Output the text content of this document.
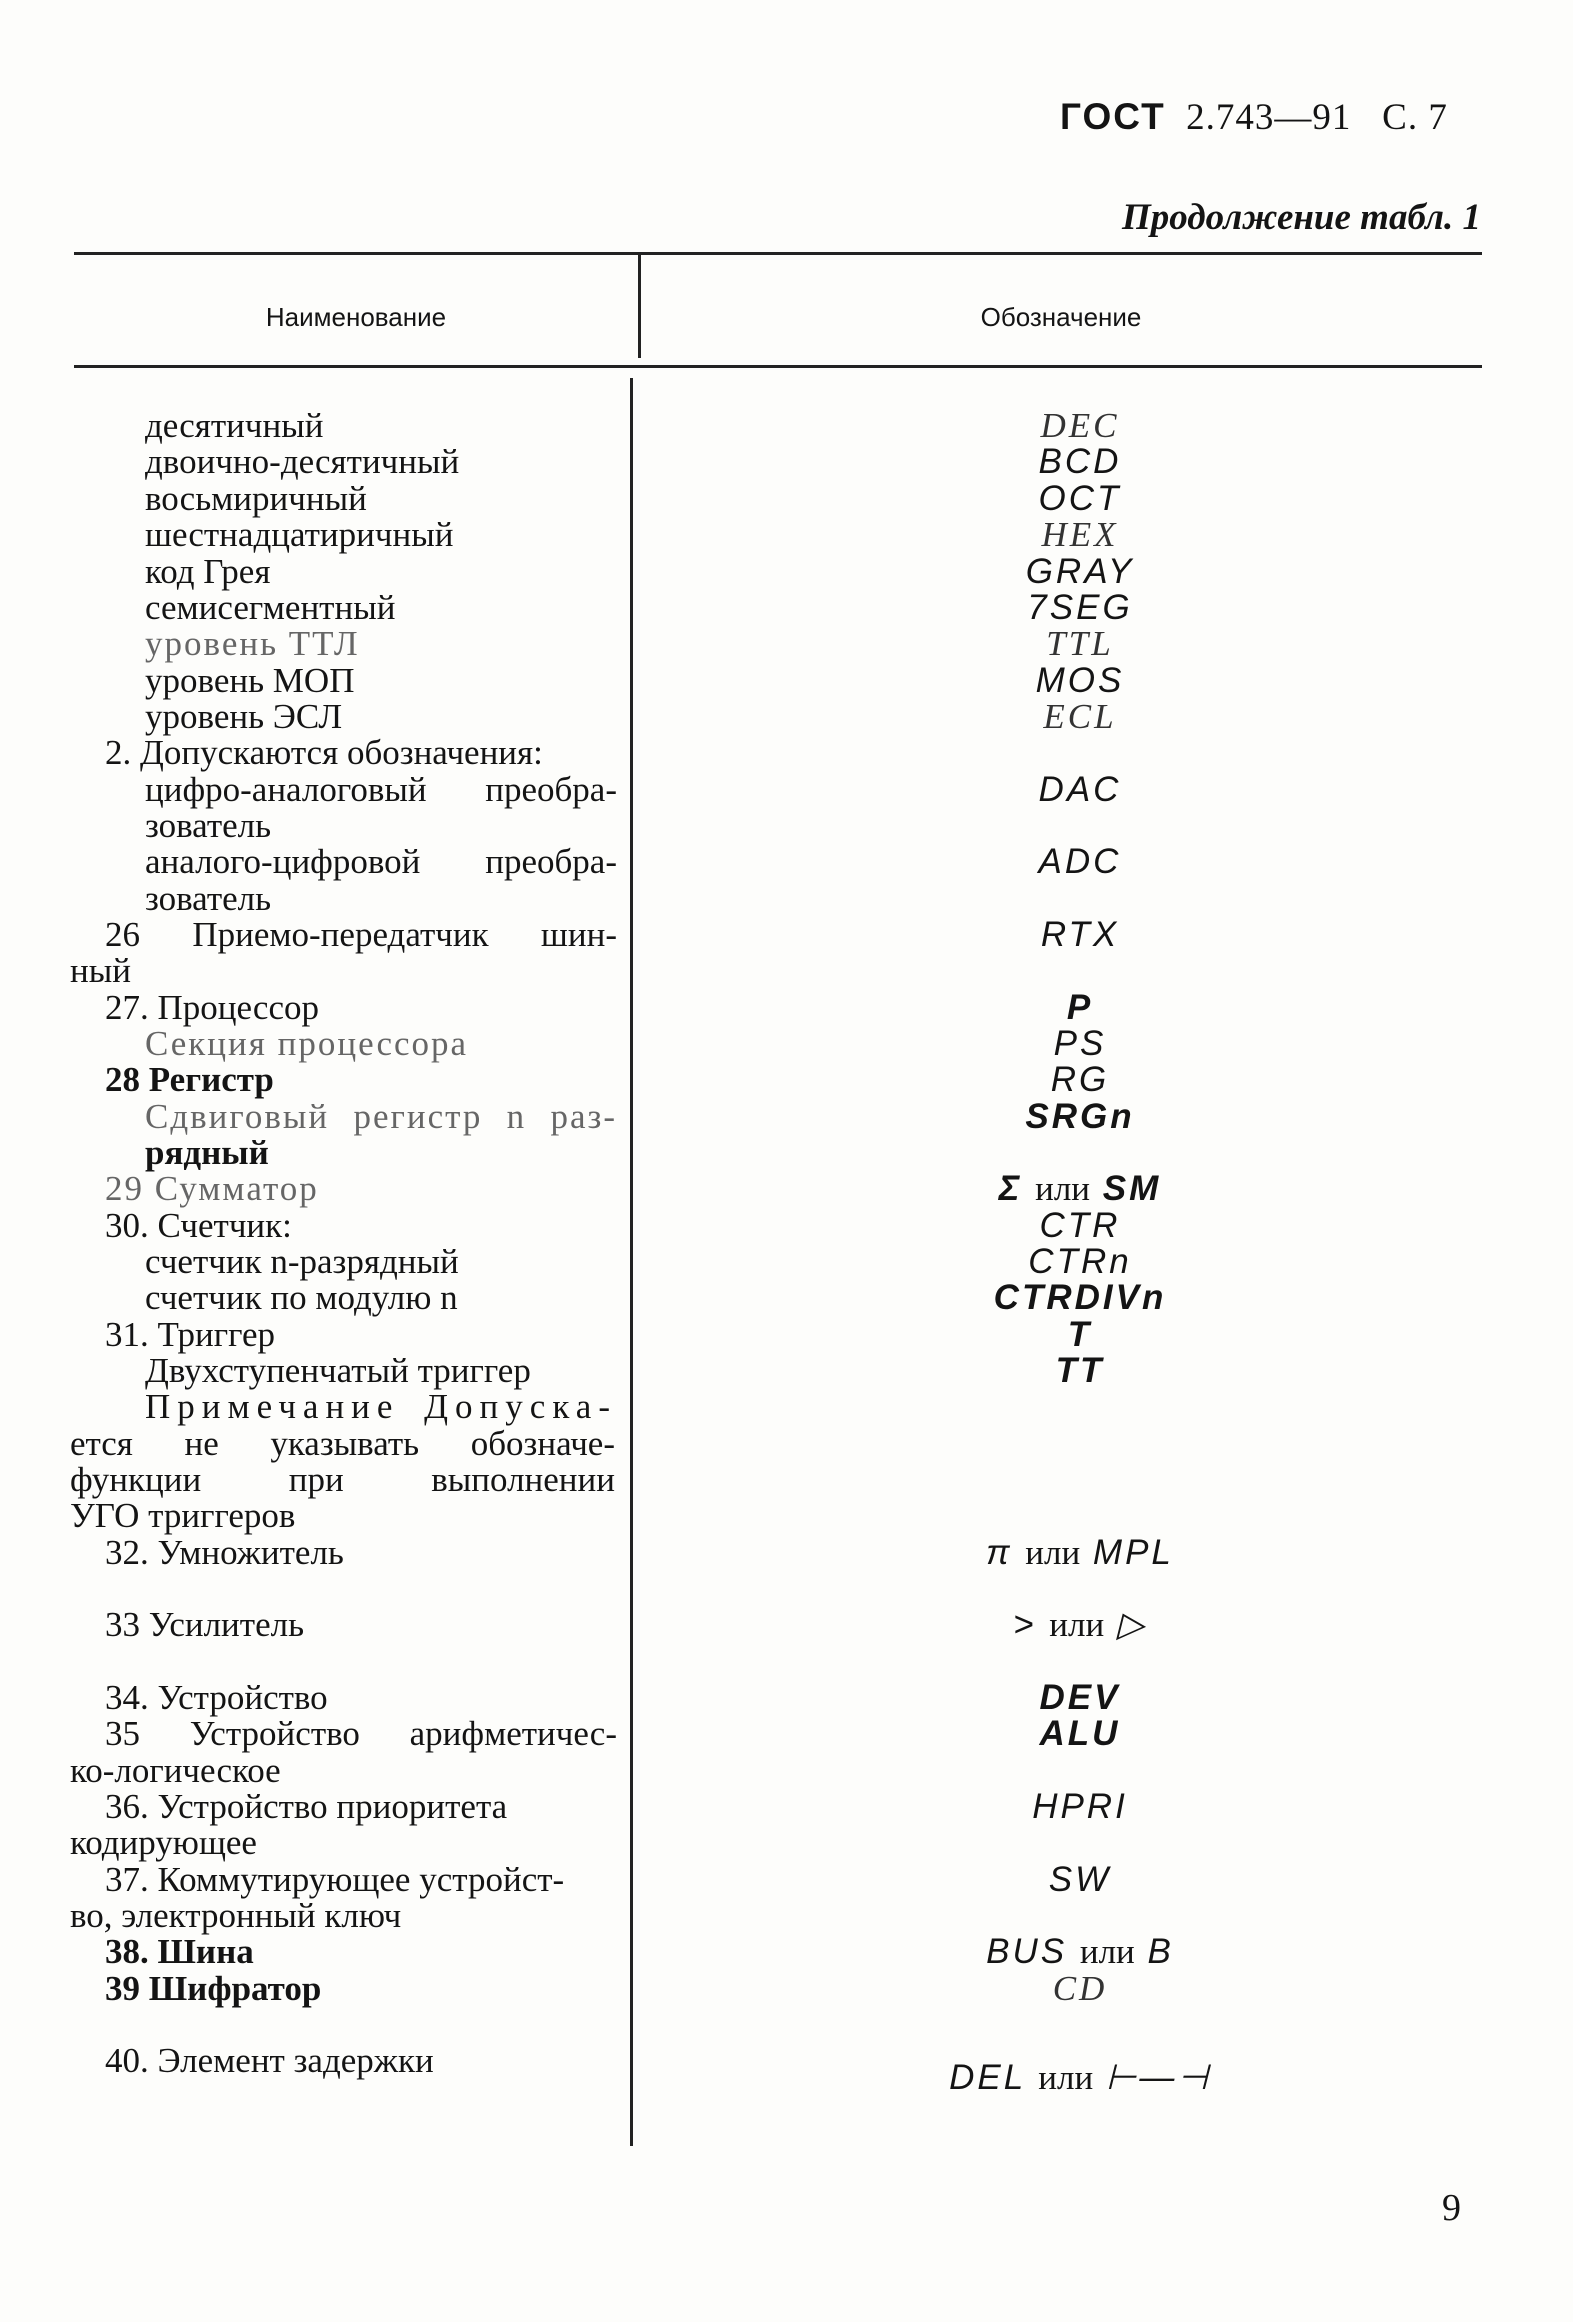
ГОСТ 2.743—91 С. 7
Продолжение табл. 1
Наименование	Обозначение
десятичный
двоично-десятичный
восьмиричный
шестнадцатиричный
код Грея
семисегментный
уровень ТТЛ
уровень МОП
уровень ЭСЛ
2. Допускаются обозначения:
цифро-аналоговый преобра-
зователь
аналого-цифровой преобра-
зователь
26 Приемо-передатчик шин-
ный
27. Процессор
Секция процессора
28 Регистр
Сдвиговый регистр n раз-
рядный
29 Сумматор
30. Счетчик:
счетчик n-разрядный
счетчик по модулю n
31. Триггер
Двухступенчатый триггер
Примечание Допуска-
ется не указывать обозначе-
функции при выполнении
УГО триггеров
32. Умножитель
33 Усилитель
34. Устройство
35 Устройство арифметичес-
ко-логическое
36. Устройство приоритета
кодирующее
37. Коммутирующее устройст-
во, электронный ключ
38. Шина
39 Шифратор
40. Элемент задержки
DEC
BCD
OCT
HEX
GRAY
7SEG
TTL
MOS
ECL
DAC
ADC
RTX
P
PS
RG
SRGn
Σ или SM
CTR
CTRn
CTRDIVn
T
TT
π или MPL
> или ▷
DEV
ALU
HPRI
SW
BUS или B
CD
DEL или ⊢—⊣
9
